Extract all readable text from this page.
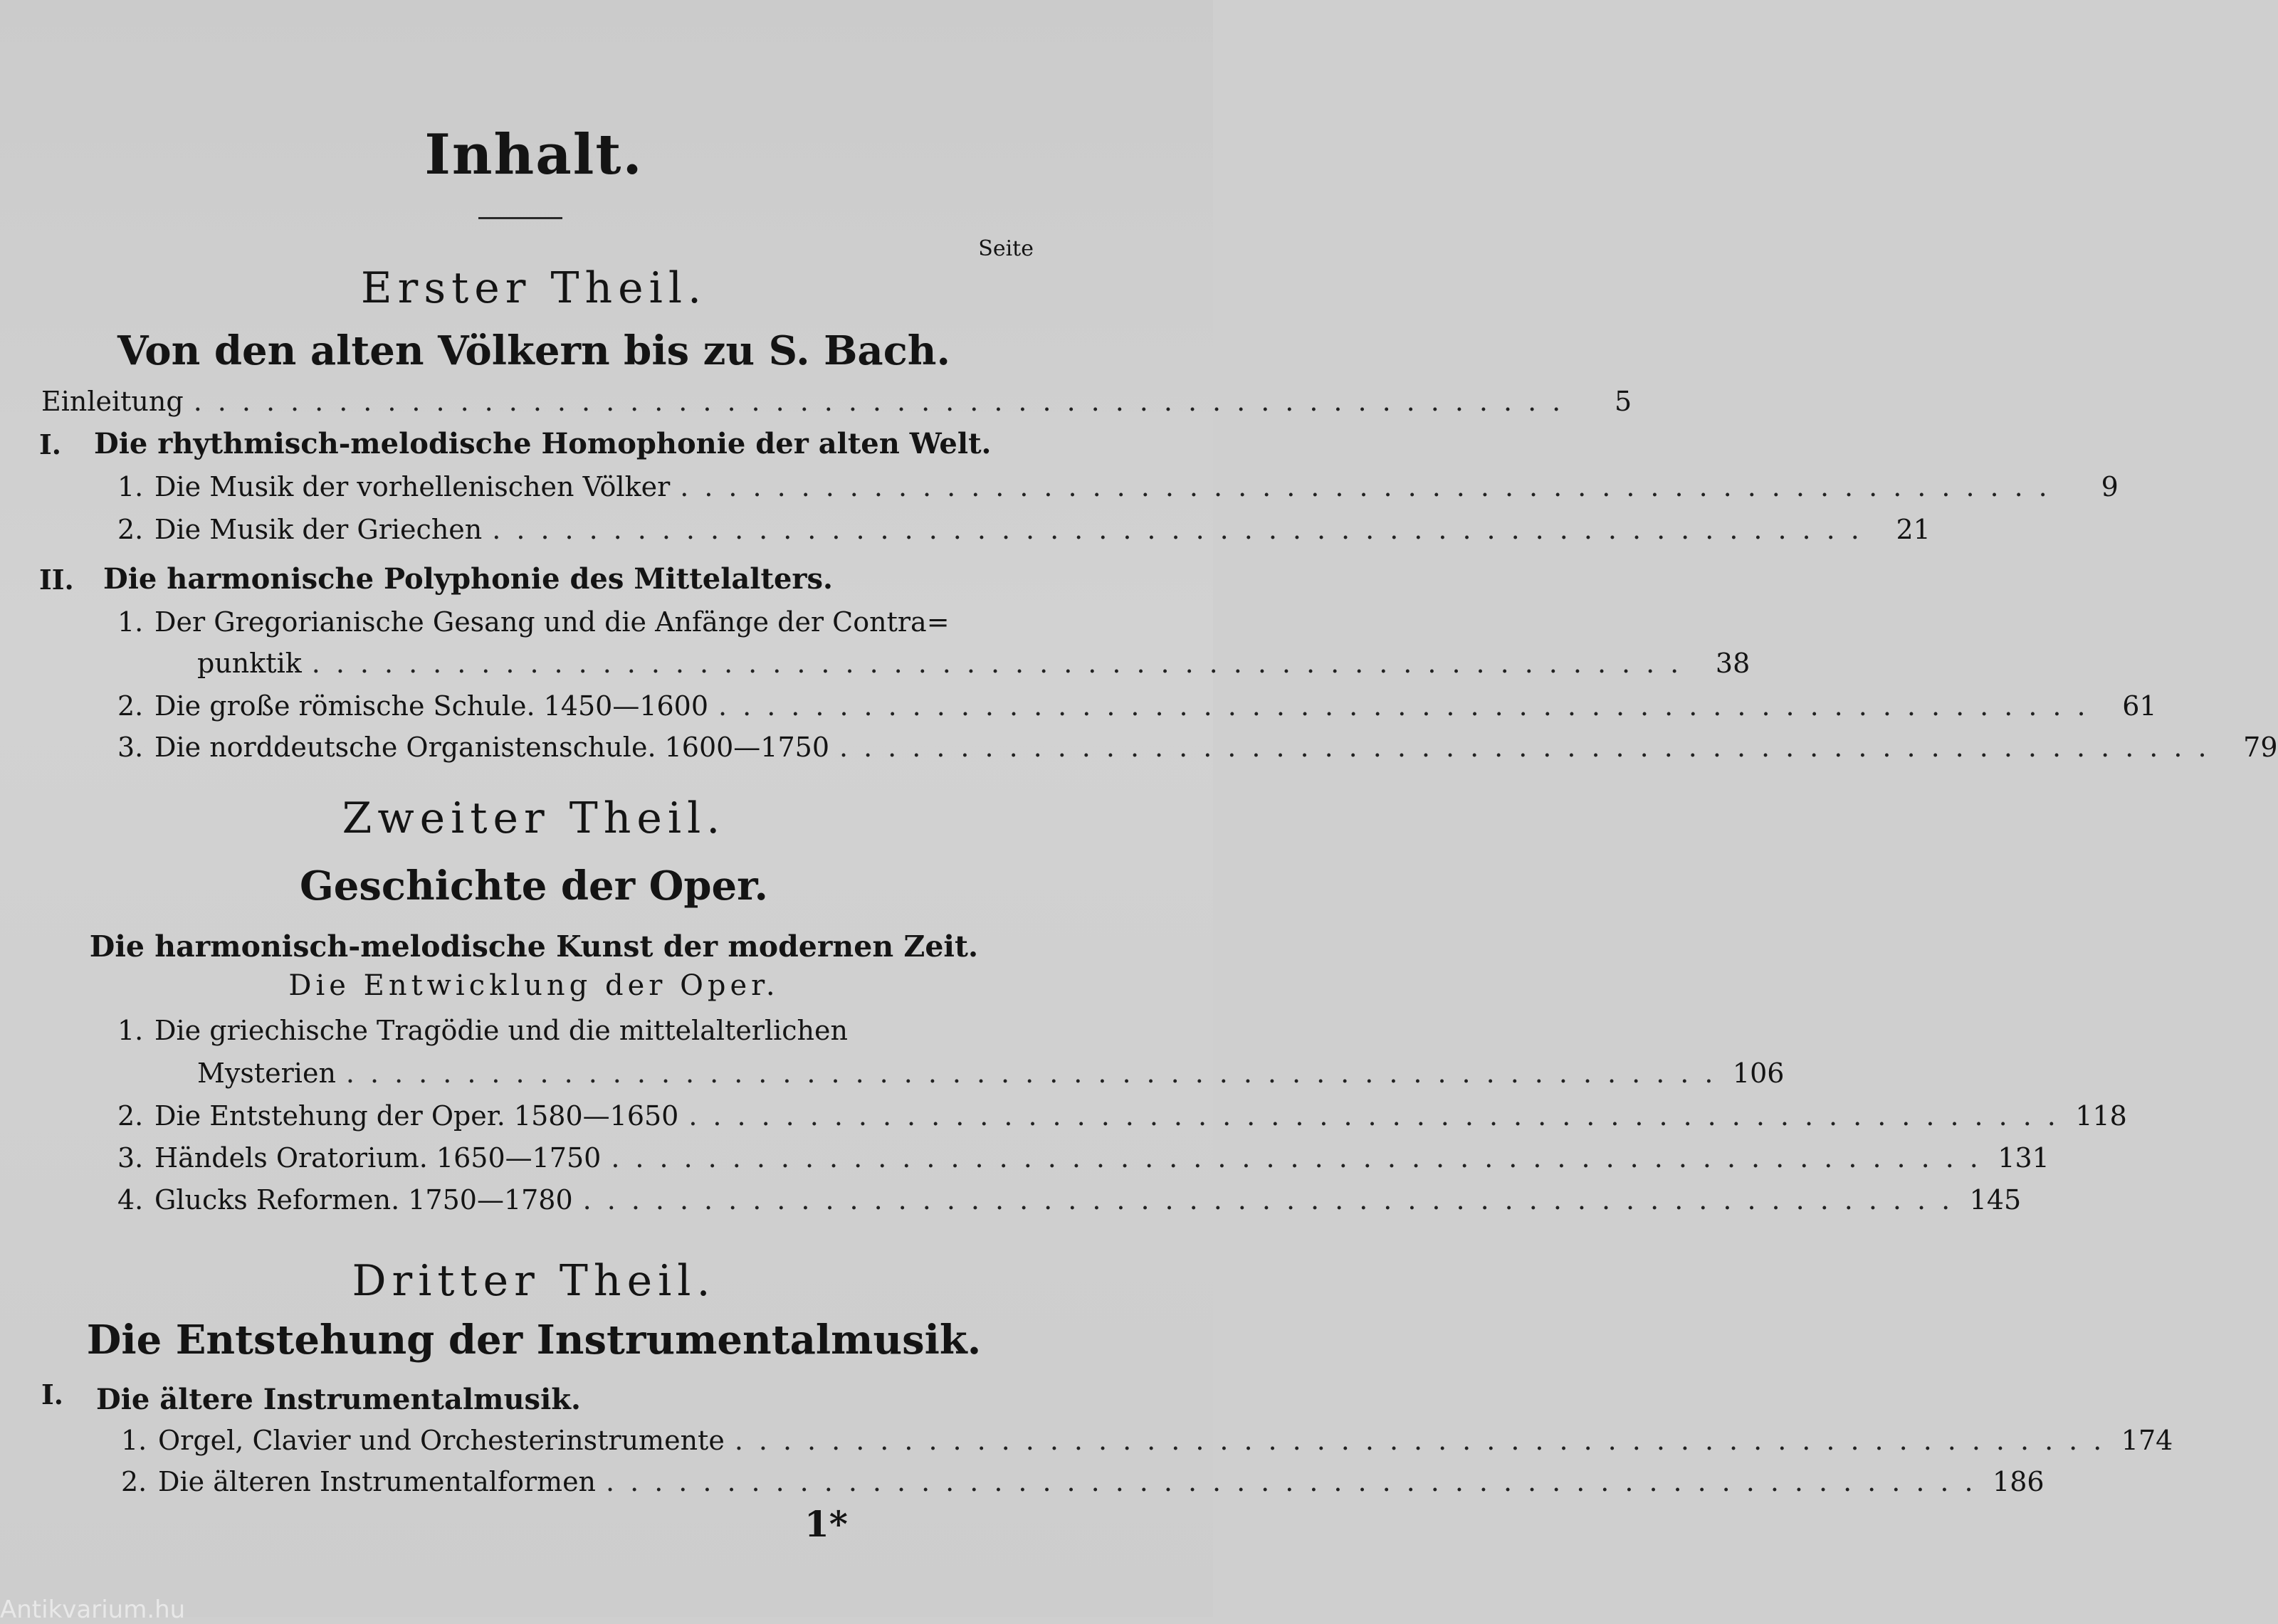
Inhalt.
Seite
Erster Theil.
Von den alten Völkern bis zu S. Bach.
Einleitung .........................................................	5
I. Die rhythmisch-melodische Homophonie der alten Welt.
1. Die Musik der vorhellenischen Völker .........................................................	9
2. Die Musik der Griechen ......................................................... 21
II. Die harmonische Polyphonie des Mittelalters.
1. Der Gregorianische Gesang und die Anfänge der Contra=
punktik ......................................................... 38
2. Die große römische Schule. 1450—1600 ......................................................... 61
3. Die norddeutsche Organistenschule. 1600—1750 ......................................................... 79
Zweiter Theil.
Geschichte der Oper.
Die harmonisch-melodische Kunst der modernen Zeit.
Die Entwicklung der Oper.
1. Die griechische Tragödie und die mittelalterlichen
Mysterien ......................................................... 106
2. Die Entstehung der Oper. 1580—1650 ......................................................... 118
3. Händels Oratorium. 1650—1750 ......................................................... 131
4. Glucks Reformen. 1750—1780 ......................................................... 145
Dritter Theil.
Die Entstehung der Instrumentalmusik.
I. Die ältere Instrumentalmusik.
1. Orgel, Clavier und Orchesterinstrumente ......................................................... 174
2. Die älteren Instrumentalformen ......................................................... 186
1*
Antikvarium.hu
